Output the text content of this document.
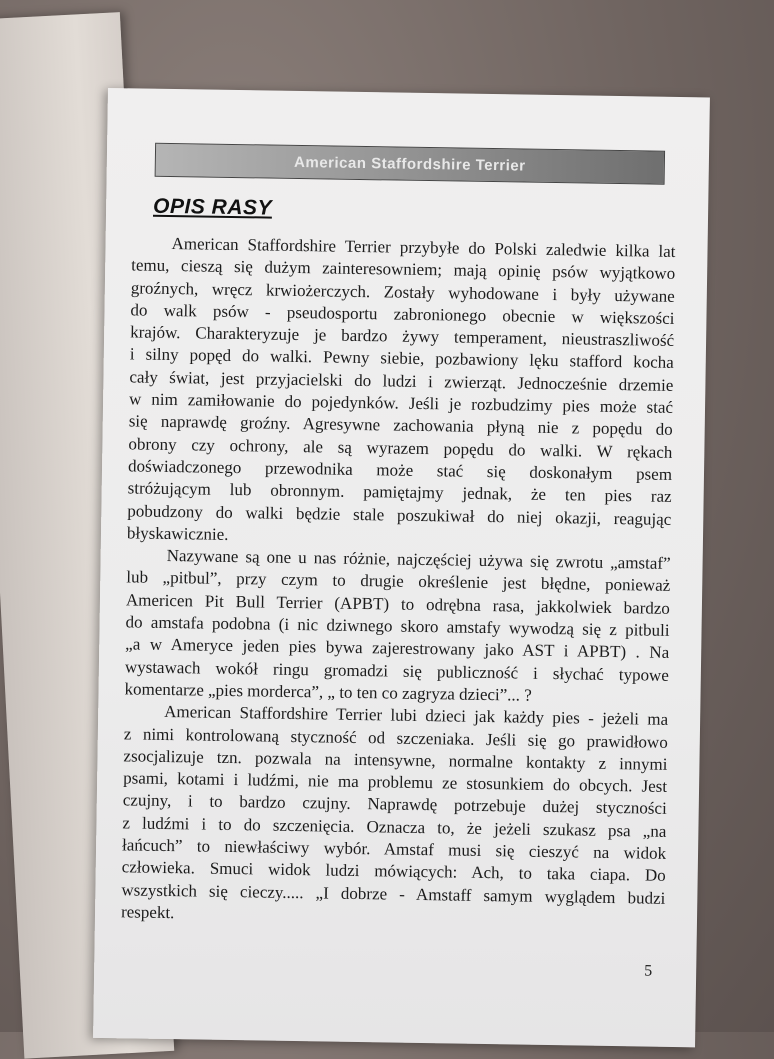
American Staffordshire Terrier
OPIS RASY

American Staffordshire Terrier przybyłe do Polski zaledwie kilka lat
temu, cieszą się dużym zainteresowniem; mają opinię psów wyjątkowo
groźnych, wręcz krwiożerczych. Zostały wyhodowane i były używane
do walk psów - pseudosportu zabronionego obecnie w większości
krajów. Charakteryzuje je bardzo żywy temperament, nieustraszliwość
i silny popęd do walki. Pewny siebie, pozbawiony lęku stafford kocha
cały świat, jest przyjacielski do ludzi i zwierząt. Jednocześnie drzemie
w nim zamiłowanie do pojedynków. Jeśli je rozbudzimy pies może stać
się naprawdę groźny. Agresywne zachowania płyną nie z popędu do
obrony czy ochrony, ale są wyrazem popędu do walki. W rękach
doświadczonego przewodnika może stać się doskonałym psem
stróżującym lub obronnym. pamiętajmy jednak, że ten pies raz
pobudzony do walki będzie stale poszukiwał do niej okazji, reagując
błyskawicznie.

Nazywane są one u nas różnie, najczęściej używa się zwrotu „amstaf”
lub „pitbul”, przy czym to drugie określenie jest błędne, ponieważ
Americen Pit Bull Terrier (APBT) to odrębna rasa, jakkolwiek bardzo
do amstafa podobna (i nic dziwnego skoro amstafy wywodzą się z pitbuli
„a w Ameryce jeden pies bywa zajerestrowany jako AST i APBT) . Na
wystawach wokół ringu gromadzi się publiczność i słychać typowe
komentarze „pies morderca”, „ to ten co zagryza dzieci”... ?

American Staffordshire Terrier lubi dzieci jak każdy pies - jeżeli ma
z nimi kontrolowaną styczność od szczeniaka. Jeśli się go prawidłowo
zsocjalizuje tzn. pozwala na intensywne, normalne kontakty z innymi
psami, kotami i ludźmi, nie ma problemu ze stosunkiem do obcych. Jest
czujny, i to bardzo czujny. Naprawdę potrzebuje dużej styczności
z ludźmi i to do szczenięcia. Oznacza to, że jeżeli szukasz psa „na
łańcuch” to niewłaściwy wybór. Amstaf musi się cieszyć na widok
człowieka. Smuci widok ludzi mówiących: Ach, to taka ciapa. Do
wszystkich się cieczy..... „I dobrze - Amstaff samym wyglądem budzi
respekt.

5
